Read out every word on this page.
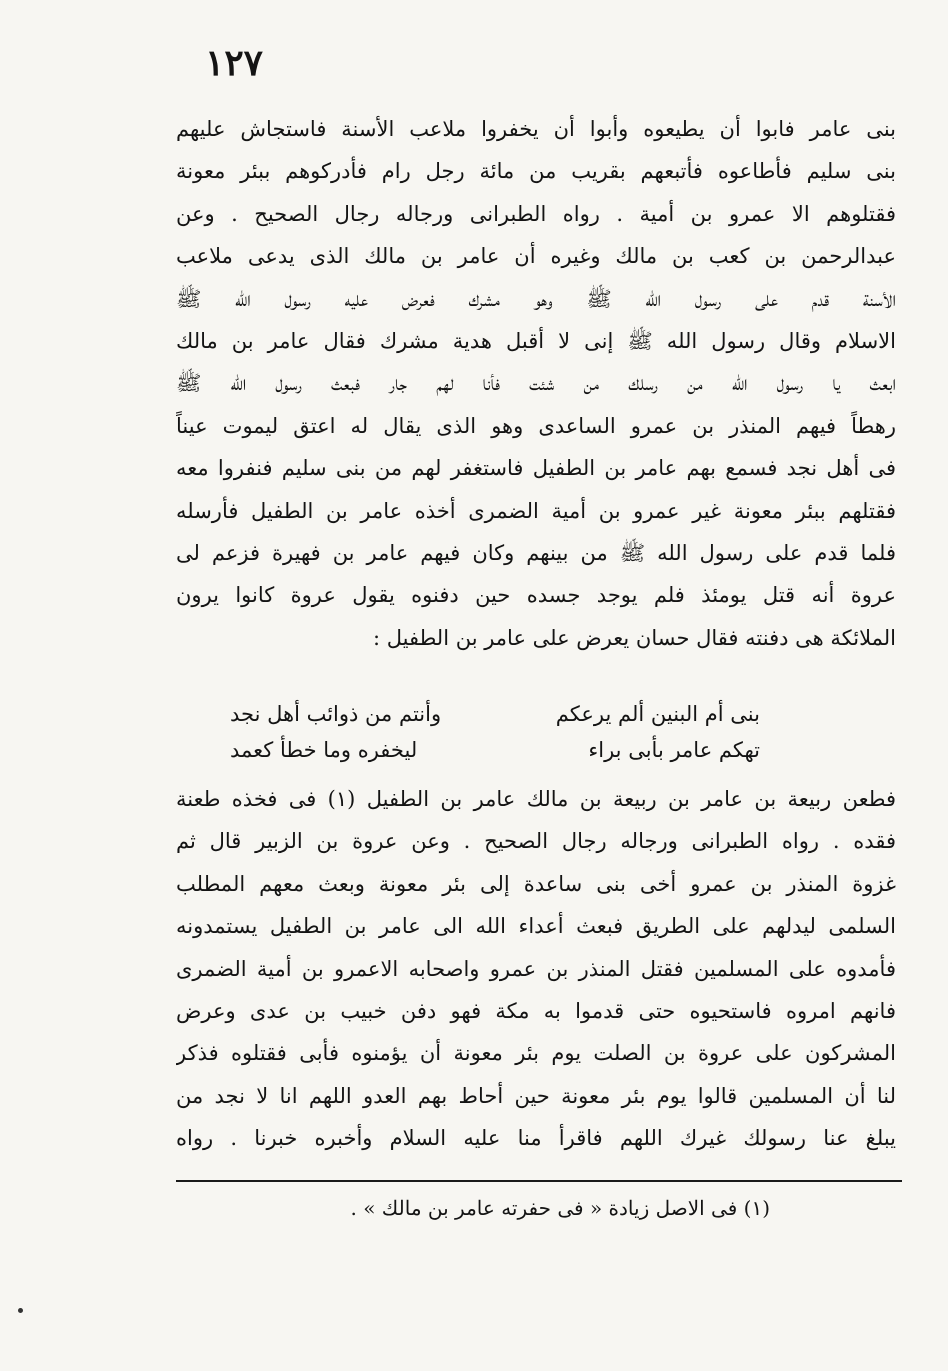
١٢٧
بنى عامر فابوا أن يطيعوه وأبوا أن يخفروا ملاعب الأسنة فاستجاش عليهم
بنى سليم فأطاعوه فأتبعهم بقريب من مائة رجل رام فأدركوهم ببئر معونة
فقتلوهم الا عمرو بن أمية . رواه الطبرانى ورجاله رجال الصحيح . وعن
عبدالرحمن بن كعب بن مالك وغيره أن عامر بن مالك الذى يدعى ملاعب
الأسنة قدم على رسول الله ﷺ وهو مشرك فعرض عليه رسول الله ﷺ
الاسلام وقال رسول الله ﷺ إنى لا أقبل هدية مشرك فقال عامر بن مالك
ابعث يا رسول الله من رسلك من شئت فأنا لهم جار فبعث رسول الله ﷺ
رهطاً فيهم المنذر بن عمرو الساعدى وهو الذى يقال له اعتق ليموت عيناً
فى أهل نجد فسمع بهم عامر بن الطفيل فاستغفر لهم من بنى سليم فنفروا معه
فقتلهم ببئر معونة غير عمرو بن أمية الضمرى أخذه عامر بن الطفيل فأرسله
فلما قدم على رسول الله ﷺ من بينهم وكان فيهم عامر بن فهيرة فزعم لى
عروة أنه قتل يومئذ فلم يوجد جسده حين دفنوه يقول عروة كانوا يرون
الملائكة هى دفنته فقال حسان يعرض على عامر بن الطفيل :
بنى أم البنين ألم يرعكم
وأنتم من ذوائب أهل نجد
تهكم عامر بأبى براء
ليخفره وما خطأ كعمد
فطعن ربيعة بن عامر بن ربيعة بن مالك عامر بن الطفيل (١) فى فخذه طعنة
فقده . رواه الطبرانى ورجاله رجال الصحيح . وعن عروة بن الزبير قال ثم
غزوة المنذر بن عمرو أخى بنى ساعدة إلى بئر معونة وبعث معهم المطلب
السلمى ليدلهم على الطريق فبعث أعداء الله الى عامر بن الطفيل يستمدونه
فأمدوه على المسلمين فقتل المنذر بن عمرو واصحابه الاعمرو بن أمية الضمرى
فانهم امروه فاستحيوه حتى قدموا به مكة فهو دفن خبيب بن عدى وعرض
المشركون على عروة بن الصلت يوم بئر معونة أن يؤمنوه فأبى فقتلوه فذكر
لنا أن المسلمين قالوا يوم بئر معونة حين أحاط بهم العدو اللهم انا لا نجد من
يبلغ عنا رسولك غيرك اللهم فاقرأ منا عليه السلام وأخبره خبرنا . رواه
(١) فى الاصل زيادة « فى حفرته عامر بن مالك » .
